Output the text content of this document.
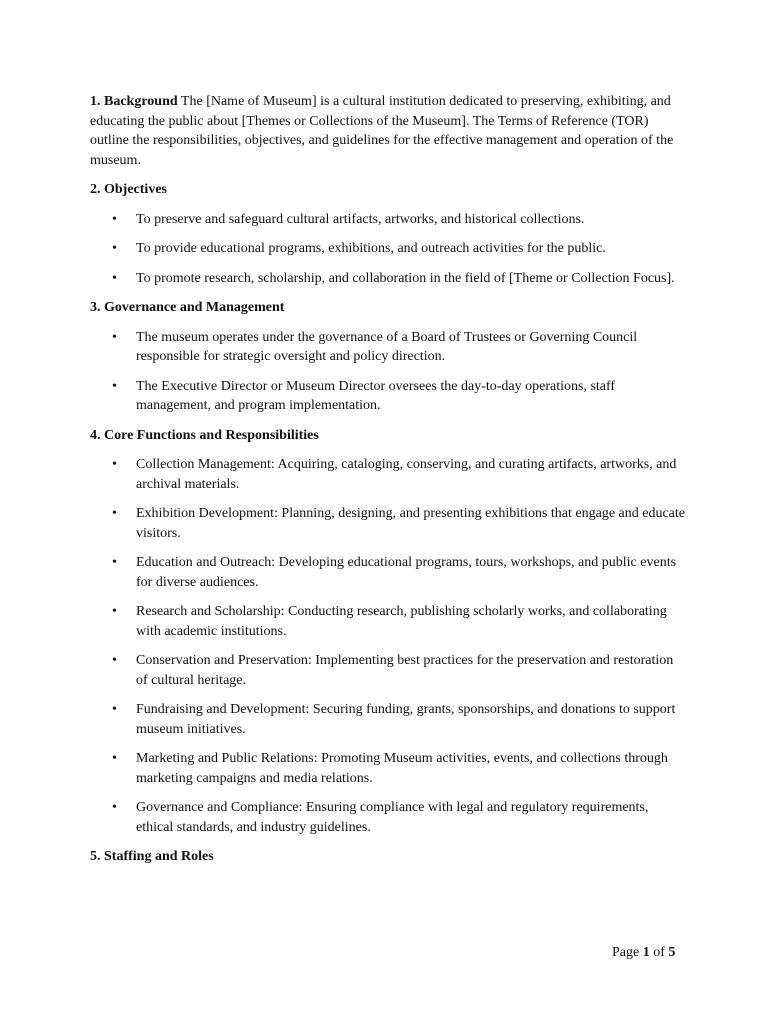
1. Background The [Name of Museum] is a cultural institution dedicated to preserving, exhibiting, and educating the public about [Themes or Collections of the Museum]. The Terms of Reference (TOR) outline the responsibilities, objectives, and guidelines for the effective management and operation of the museum.

2. Objectives

• To preserve and safeguard cultural artifacts, artworks, and historical collections.
• To provide educational programs, exhibitions, and outreach activities for the public.
• To promote research, scholarship, and collaboration in the field of [Theme or Collection Focus].

3. Governance and Management

• The museum operates under the governance of a Board of Trustees or Governing Council responsible for strategic oversight and policy direction.
• The Executive Director or Museum Director oversees the day-to-day operations, staff management, and program implementation.

4. Core Functions and Responsibilities

• Collection Management: Acquiring, cataloging, conserving, and curating artifacts, artworks, and archival materials.
• Exhibition Development: Planning, designing, and presenting exhibitions that engage and educate visitors.
• Education and Outreach: Developing educational programs, tours, workshops, and public events for diverse audiences.
• Research and Scholarship: Conducting research, publishing scholarly works, and collaborating with academic institutions.
• Conservation and Preservation: Implementing best practices for the preservation and restoration of cultural heritage.
• Fundraising and Development: Securing funding, grants, sponsorships, and donations to support museum initiatives.
• Marketing and Public Relations: Promoting Museum activities, events, and collections through marketing campaigns and media relations.
• Governance and Compliance: Ensuring compliance with legal and regulatory requirements, ethical standards, and industry guidelines.

5. Staffing and Roles

Page 1 of 5
